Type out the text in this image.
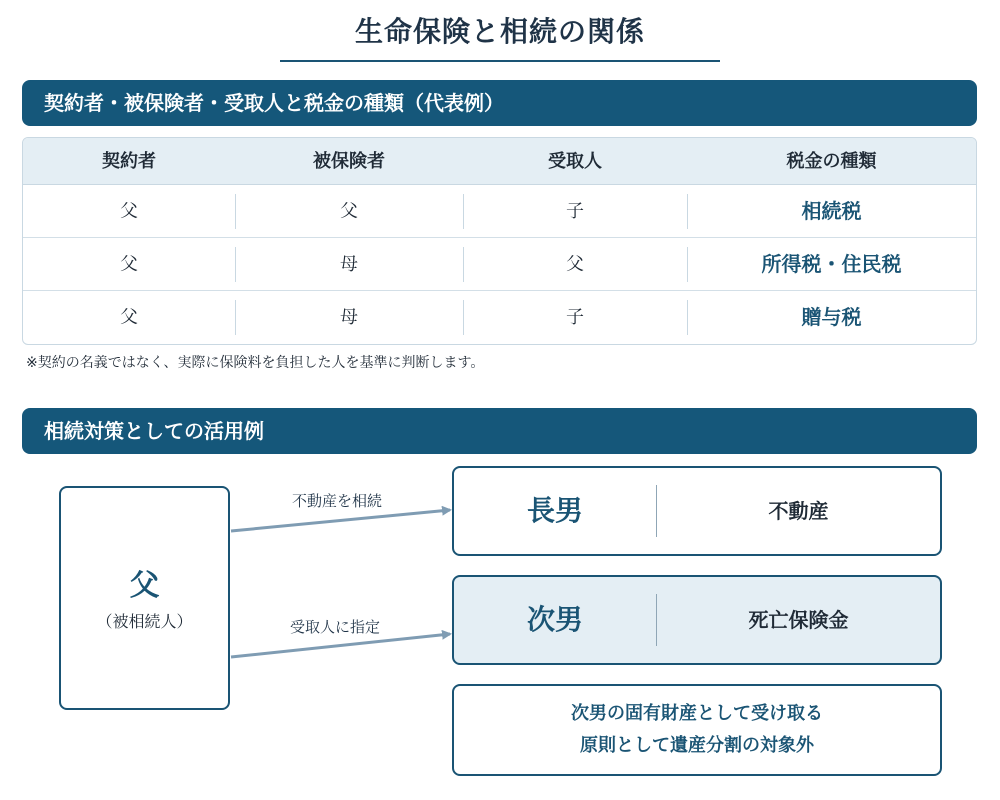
生命保険と相続の関係
契約者・被保険者・受取人と税金の種類（代表例）
契約者	被保険者	受取人	税金の種類
父	父	子	相続税
父	母	父	所得税・住民税
父	母	子	贈与税
※契約の名義ではなく、実際に保険料を負担した人を基準に判断します。
相続対策としての活用例
父
（被相続人）
不動産を相続
受取人に指定
長男	不動産
次男	死亡保険金
次男の固有財産として受け取る
原則として遺産分割の対象外
